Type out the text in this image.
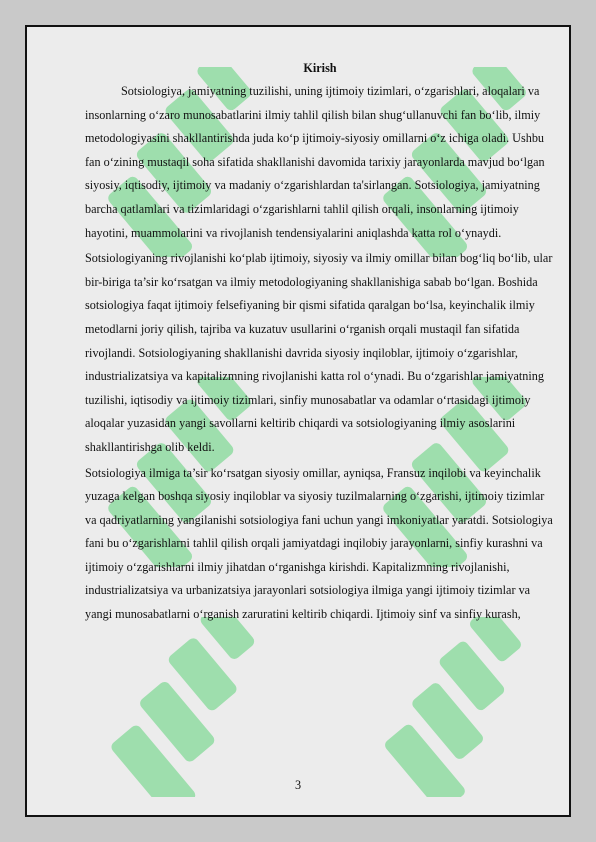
Kirish

Sotsiologiya, jamiyatning tuzilishi, uning ijtimoiy tizimlari, o‘zgarishlari, aloqalari va insonlarning o‘zaro munosabatlarini ilmiy tahlil qilish bilan shug‘ullanuvchi fan bo‘lib, ilmiy metodologiyasini shakllantirishda juda ko‘p ijtimoiy-siyosiy omillarni o‘z ichiga oladi. Ushbu fan o‘zining mustaqil soha sifatida shakllanishi davomida tarixiy jarayonlarda mavjud bo‘lgan siyosiy, iqtisodiy, ijtimoiy va madaniy o‘zgarishlardan ta'sirlangan. Sotsiologiya, jamiyatning barcha qatlamlari va tizimlaridagi o‘zgarishlarni tahlil qilish orqali, insonlarning ijtimoiy hayotini, muammolarini va rivojlanish tendensiyalarini aniqlashda katta rol o‘ynaydi.

Sotsiologiyaning rivojlanishi ko‘plab ijtimoiy, siyosiy va ilmiy omillar bilan bog‘liq bo‘lib, ular bir-biriga ta’sir ko‘rsatgan va ilmiy metodologiyaning shakllanishiga sabab bo‘lgan. Boshida sotsiologiya faqat ijtimoiy felsefiyaning bir qismi sifatida qaralgan bo‘lsa, keyinchalik ilmiy metodlarni joriy qilish, tajriba va kuzatuv usullarini o‘rganish orqali mustaqil fan sifatida rivojlandi. Sotsiologiyaning shakllanishi davrida siyosiy inqiloblar, ijtimoiy o‘zgarishlar, industrializatsiya va kapitalizmning rivojlanishi katta rol o‘ynadi. Bu o‘zgarishlar jamiyatning tuzilishi, iqtisodiy va ijtimoiy tizimlari, sinfiy munosabatlar va odamlar o‘rtasidagi ijtimoiy aloqalar yuzasidan yangi savollarni keltirib chiqardi va sotsiologiyaning ilmiy asoslarini shakllantirishga olib keldi.

Sotsiologiya ilmiga ta’sir ko‘rsatgan siyosiy omillar, ayniqsa, Fransuz inqilobi va keyinchalik yuzaga kelgan boshqa siyosiy inqiloblar va siyosiy tuzilmalarning o‘zgarishi, ijtimoiy tizimlar va qadriyatlarning yangilanishi sotsiologiya fani uchun yangi imkoniyatlar yaratdi. Sotsiologiya fani bu o‘zgarishlarni tahlil qilish orqali jamiyatdagi inqilobiy jarayonlarni, sinfiy kurashni va ijtimoiy o‘zgarishlarni ilmiy jihatdan o‘rganishga kirishdi. Kapitalizmning rivojlanishi, industrializatsiya va urbanizatsiya jarayonlari sotsiologiya ilmiga yangi ijtimoiy tizimlar va yangi munosabatlarni o‘rganish zaruratini keltirib chiqardi. Ijtimoiy sinf va sinfiy kurash,

3
